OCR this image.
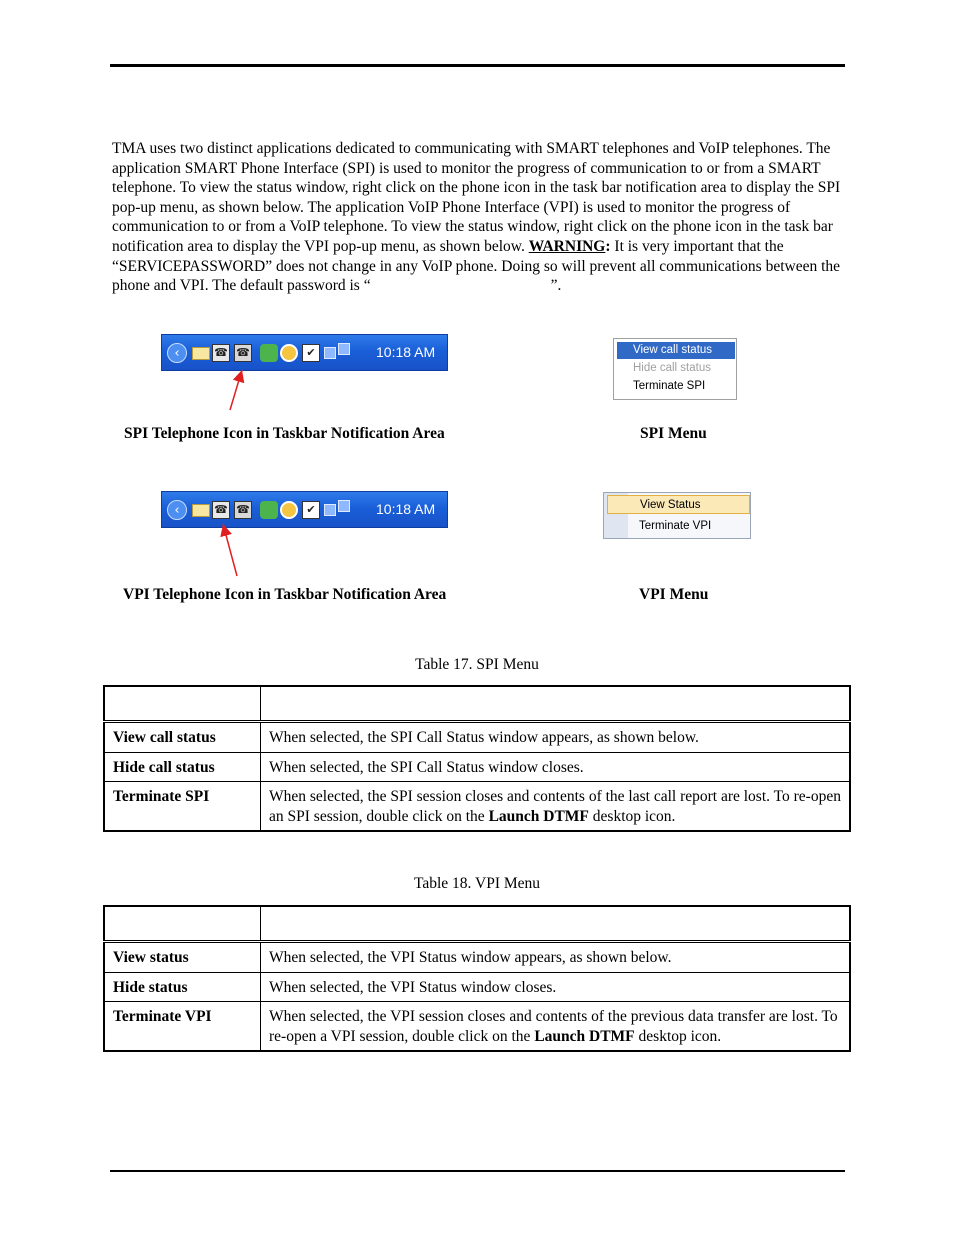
TMA uses two distinct applications dedicated to communicating with SMART telephones and VoIP telephones. The application SMART Phone Interface (SPI) is used to monitor the progress of communication to or from a SMART telephone. To view the status window, right click on the phone icon in the task bar notification area to display the SPI pop-up menu, as shown below. The application VoIP Phone Interface (VPI) is used to monitor the progress of communication to or from a VoIP telephone. To view the status window, right click on the phone icon in the task bar notification area to display the VPI pop-up menu, as shown below. WARNING: It is very important that the “SERVICEPASSWORD” does not change in any VoIP phone. Doing so will prevent all communications between the phone and VPI. The default password is “	”.

‹	☎ ☎	✔	10:18 AM
‹	☎ ☎	✔	10:18 AM
SPI Telephone Icon in Taskbar Notification Area	SPI Menu
VPI Telephone Icon in Taskbar Notification Area	VPI Menu
View call status
Hide call status
Terminate SPI
View Status
Terminate VPI
Table 17. SPI Menu

View call status	When selected, the SPI Call Status window appears, as shown below.
Hide call status	When selected, the SPI Call Status window closes.
Terminate SPI	When selected, the SPI session closes and contents of the last call report are lost. To re-open an SPI session, double click on the Launch DTMF desktop icon.
Table 18. VPI Menu

View status	When selected, the VPI Status window appears, as shown below.
Hide status	When selected, the VPI Status window closes.
Terminate VPI	When selected, the VPI session closes and contents of the previous data transfer are lost. To re-open a VPI session, double click on the Launch DTMF desktop icon.
